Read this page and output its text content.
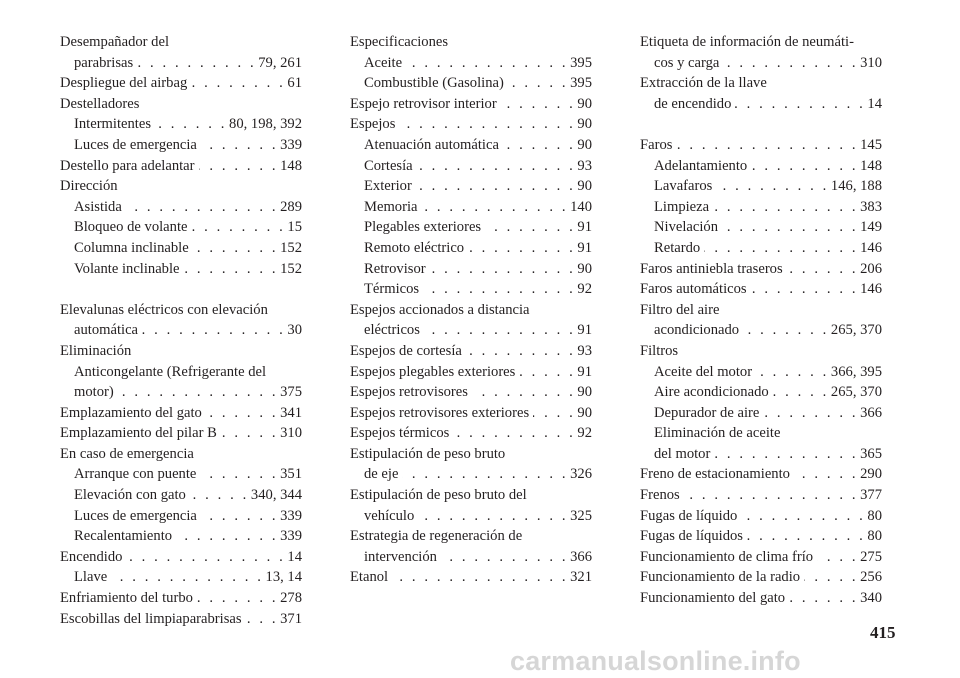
Desempañador del
parabrisas . . .	79, 261
Despliegue del airbag . . .	61
Destelladores
Intermitentes . . .	80, 198, 392
Luces de emergencia . . .	339
Destello para adelantar . . .	148
Dirección
Asistida . . .	289
Bloqueo de volante . . .	15
Columna inclinable . . .	152
Volante inclinable . . .	152
Elevalunas eléctricos con elevación
automática . . .	30
Eliminación
Anticongelante (Refrigerante del
motor) . . .	375
Emplazamiento del gato . . .	341
Emplazamiento del pilar B . . .	310
En caso de emergencia
Arranque con puente . . .	351
Elevación con gato . . .	340, 344
Luces de emergencia . . .	339
Recalentamiento . . .	339
Encendido . . .	14
Llave . . .	13, 14
Enfriamiento del turbo . . .	278
Escobillas del limpiaparabrisas . . .	371
Especificaciones
Aceite . . .	395
Combustible (Gasolina) . . .	395
Espejo retrovisor interior . . .	90
Espejos . . .	90
Atenuación automática . . .	90
Cortesía . . .	93
Exterior . . .	90
Memoria . . .	140
Plegables exteriores . . .	91
Remoto eléctrico . . .	91
Retrovisor . . .	90
Térmicos . . .	92
Espejos accionados a distancia
eléctricos . . .	91
Espejos de cortesía . . .	93
Espejos plegables exteriores . . .	91
Espejos retrovisores . . .	90
Espejos retrovisores exteriores . . .	90
Espejos térmicos . . .	92
Estipulación de peso bruto
de eje . . .	326
Estipulación de peso bruto del
vehículo . . .	325
Estrategia de regeneración de
intervención . . .	366
Etanol . . .	321
Etiqueta de información de neumáti-
cos y carga . . .	310
Extracción de la llave
de encendido . . .	14
Faros . . .	145
Adelantamiento . . .	148
Lavafaros . . .	146, 188
Limpieza . . .	383
Nivelación . . .	149
Retardo . . .	146
Faros antiniebla traseros . . .	206
Faros automáticos . . .	146
Filtro del aire
acondicionado . . .	265, 370
Filtros
Aceite del motor . . .	366, 395
Aire acondicionado . . .	265, 370
Depurador de aire . . .	366
Eliminación de aceite
del motor . . .	365
Freno de estacionamiento . . .	290
Frenos . . .	377
Fugas de líquido . . .	80
Fugas de líquidos . . .	80
Funcionamiento de clima frío . . .	275
Funcionamiento de la radio . . .	256
Funcionamiento del gato . . .	340
415
carmanualsonline.info
